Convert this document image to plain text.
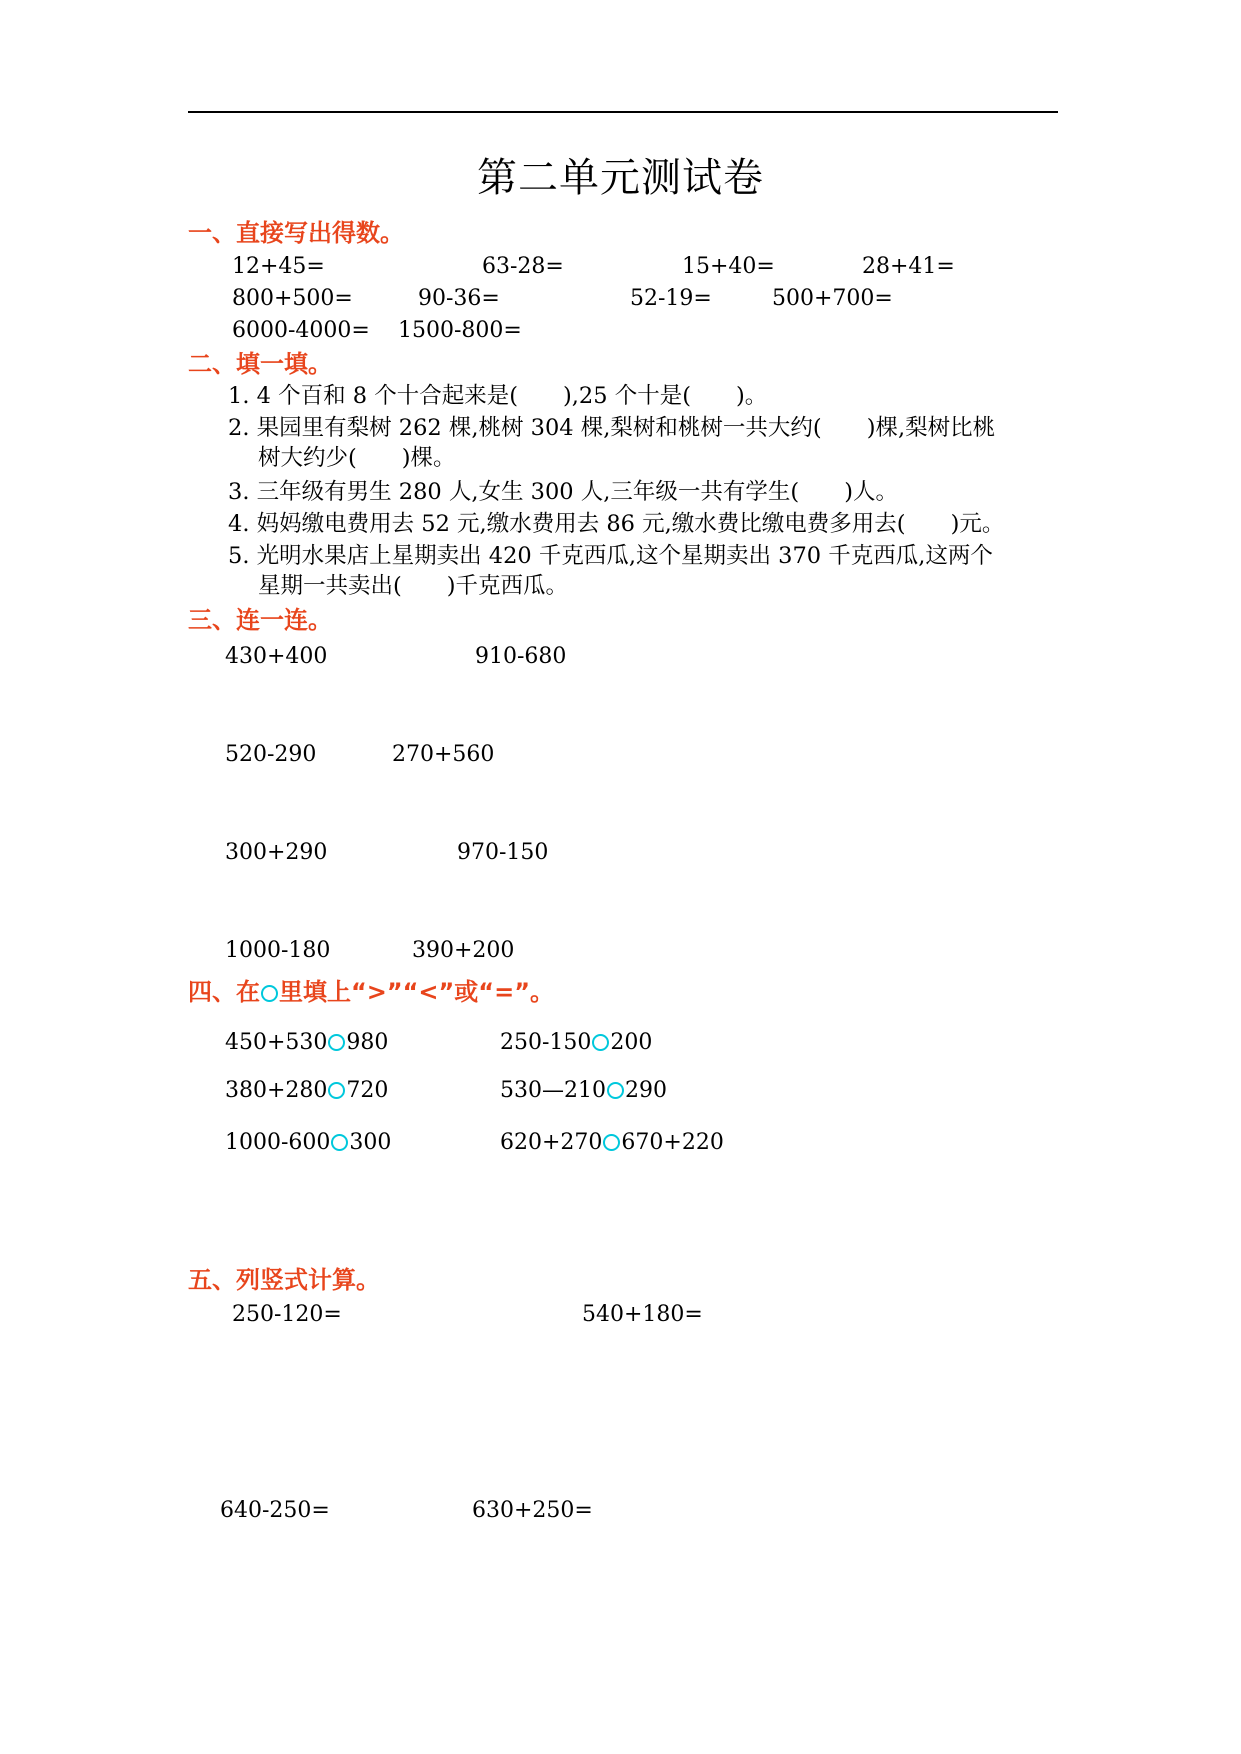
第二单元测试卷
一、直接写出得数。
12+45=	63-28=	15+40=	28+41=
800+500=	90-36=	52-19=	500+700=
6000-4000= 1500-800=
二、填一填。
1. 4 个百和 8 个十合起来是(　　),25 个十是(　　)。
2. 果园里有梨树 262 棵,桃树 304 棵,梨树和桃树一共大约(　　)棵,梨树比桃
树大约少(　　)棵。
3. 三年级有男生 280 人,女生 300 人,三年级一共有学生(　　)人。
4. 妈妈缴电费用去 52 元,缴水费用去 86 元,缴水费比缴电费多用去(　　)元。
5. 光明水果店上星期卖出 420 千克西瓜,这个星期卖出 370 千克西瓜,这两个
星期一共卖出(　　)千克西瓜。
三、连一连。
430+400	910-680
520-290	270+560
300+290	970-150
1000-180	390+200
四、在 里填上“>”“<”或“=”。
450+530 980	250-150 200
380+280 720	530—210 290
1000-600 300	620+270 670+220
五、列竖式计算。
250-120=	540+180=
640-250=	630+250=
